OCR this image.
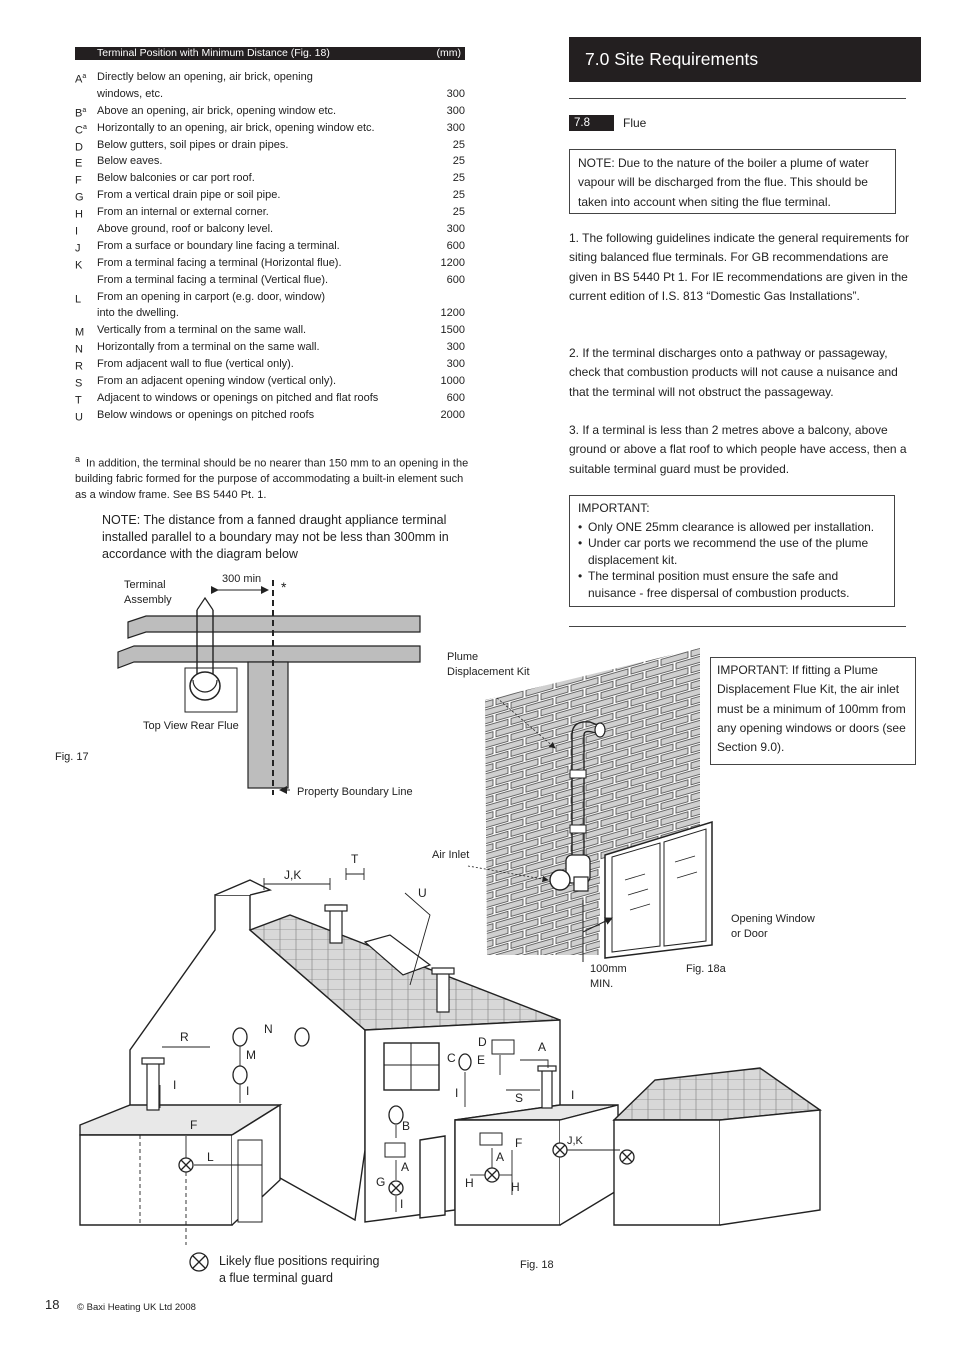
Terminal Position with Minimum Distance (Fig. 18)	(mm)
$A^a$ Directly below an opening, air brick, opening
windows, etc.	300
$B^a$ Above an opening, air brick, opening window etc.	300
$C^a$ Horizontally to an opening, air brick, opening window etc.	300
D	Below gutters, soil pipes or drain pipes.	25
E	Below eaves.	25
F	Below balconies or car port roof.	25
G	From a vertical drain pipe or soil pipe.	25
H	From an internal or external corner.	25
I	Above ground, roof or balcony level.	300
J	From a surface or boundary line facing a terminal.	600
K	From a terminal facing a terminal (Horizontal flue).	1200
From a terminal facing a terminal (Vertical flue).	600
L	From an opening in carport (e.g. door, window)
into the dwelling.	1200
M	Vertically from a terminal on the same wall.	1500
N	Horizontally from a terminal on the same wall.	300
R	From adjacent wall to flue (vertical only).	300
S	From an adjacent opening window (vertical only).	1000
T	Adjacent to windows or openings on pitched and flat roofs	600
U	Below windows or openings on pitched roofs	2000
$^a$ In addition, the terminal should be no nearer than 150 mm to an opening in the building fabric formed for the purpose of accommodating a built-in element such as a window frame. See BS 5440 Pt. 1.
NOTE: The distance from a fanned draught appliance terminal installed parallel to a boundary may not be less than 300mm in accordance with the diagram below
Terminal
Assembly
300 min *
Top View Rear Flue
Property Boundary Line
Fig. 17
7.0 Site Requirements
7.8	Flue
NOTE: Due to the nature of the boiler a plume of water vapour will be discharged from the flue. This should be taken into account when siting the flue terminal.
1. The following guidelines indicate the general requirements for siting balanced flue terminals. For GB recommendations are given in BS 5440 Pt 1. For IE recommendations are given in the current edition of I.S. 813 “Domestic Gas Installations”.
2. If the terminal discharges onto a pathway or passageway, check that combustion products will not cause a nuisance and that the terminal will not obstruct the passageway.
3. If a terminal is less than 2 metres above a balcony, above ground or above a flat roof to which people have access, then a suitable terminal guard must be provided.
IMPORTANT:
• Only ONE 25mm clearance is allowed per installation.
• Under car ports we recommend the use of the plume displacement kit.
• The terminal position must ensure the safe and nuisance - free dispersal of combustion products.
Plume
Displacement Kit
Air Inlet
Opening Window
or Door
100mm
MIN.
Fig. 18a
IMPORTANT: If fitting a Plume Displacement Flue Kit, the air inlet must be a minimum of 100mm from any opening windows or doors (see Section 9.0).
J,K
T
U
R
N
M
I	I
F
L
D	A
C E
I	S	I
B
A
G
I
F
A
H	H
J,K
Likely flue positions requiring
a flue terminal guard
Fig. 18
18 © Baxi Heating UK Ltd 2008
